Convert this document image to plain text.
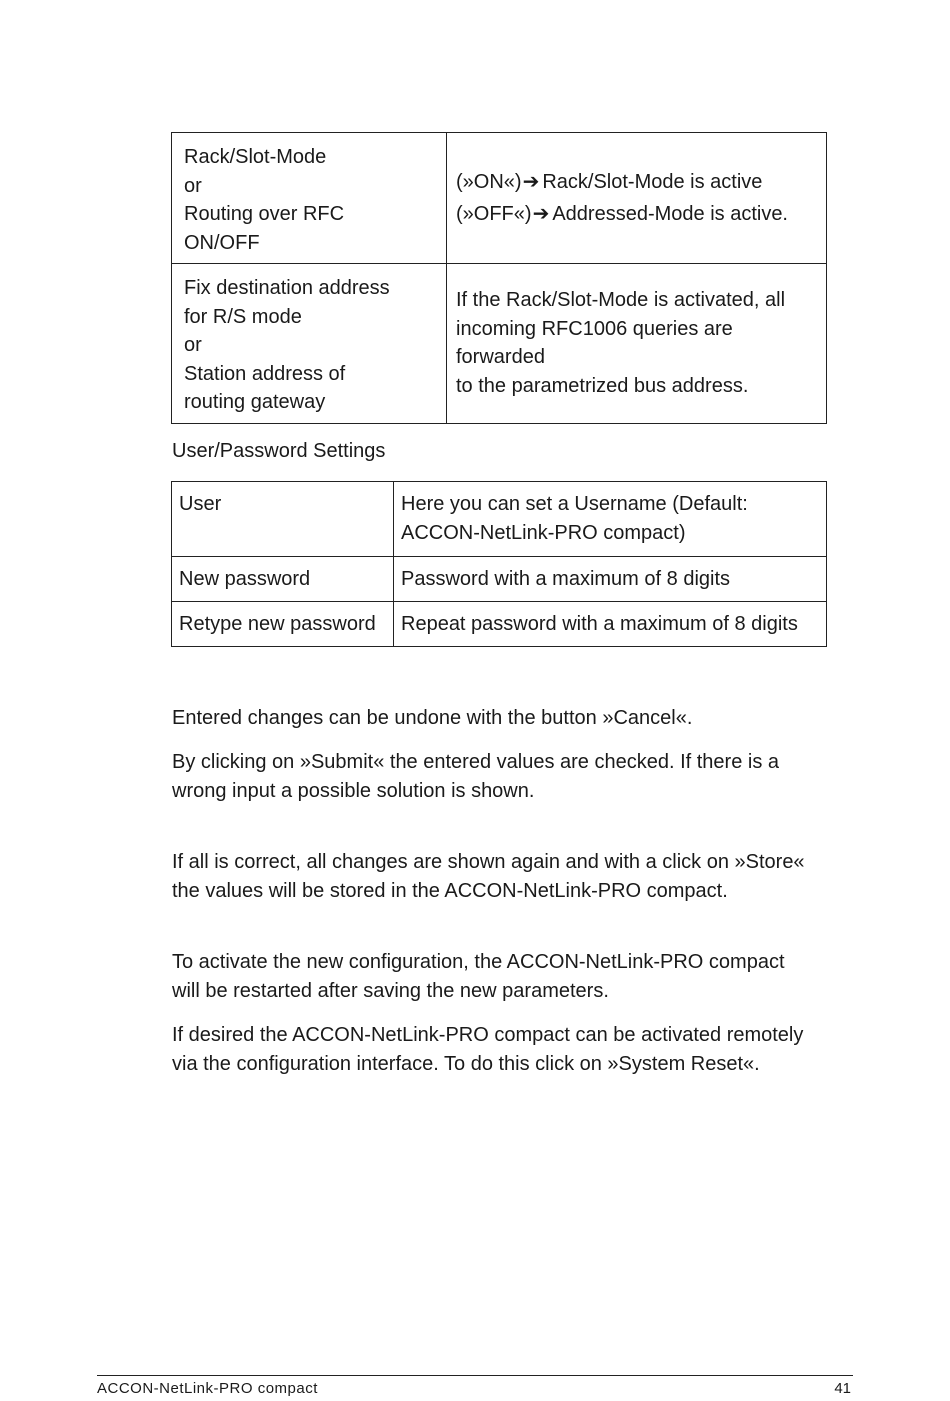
Rack/Slot-Mode
or
Routing over RFC
ON/OFF	(»ON«)➔ Rack/Slot-Mode is active
(»OFF«)➔ Addressed-Mode is active.

Fix destination address
for R/S mode
or
Station address of
routing gateway	If the Rack/Slot-Mode is activated, all
incoming RFC1006 queries are forwarded
to the parametrized bus address.
User/Password Settings
User	Here you can set a Username (Default:
ACCON-NetLink-PRO compact)

New password	Password with a maximum of 8 digits
Retype new password	Repeat password with a maximum of 8 digits

Entered changes can be undone with the button »Cancel«.

By clicking on »Submit« the entered values are checked. If there is a
wrong input a possible solution is shown.

If all is correct, all changes are shown again and with a click on »Store«
the values will be stored in the ACCON-NetLink-PRO compact.

To activate the new configuration, the ACCON-NetLink-PRO compact
will be restarted after saving the new parameters.

If desired the ACCON-NetLink-PRO compact can be activated remotely
via the configuration interface. To do this click on »System Reset«.

ACCON-NetLink-PRO compact	41
